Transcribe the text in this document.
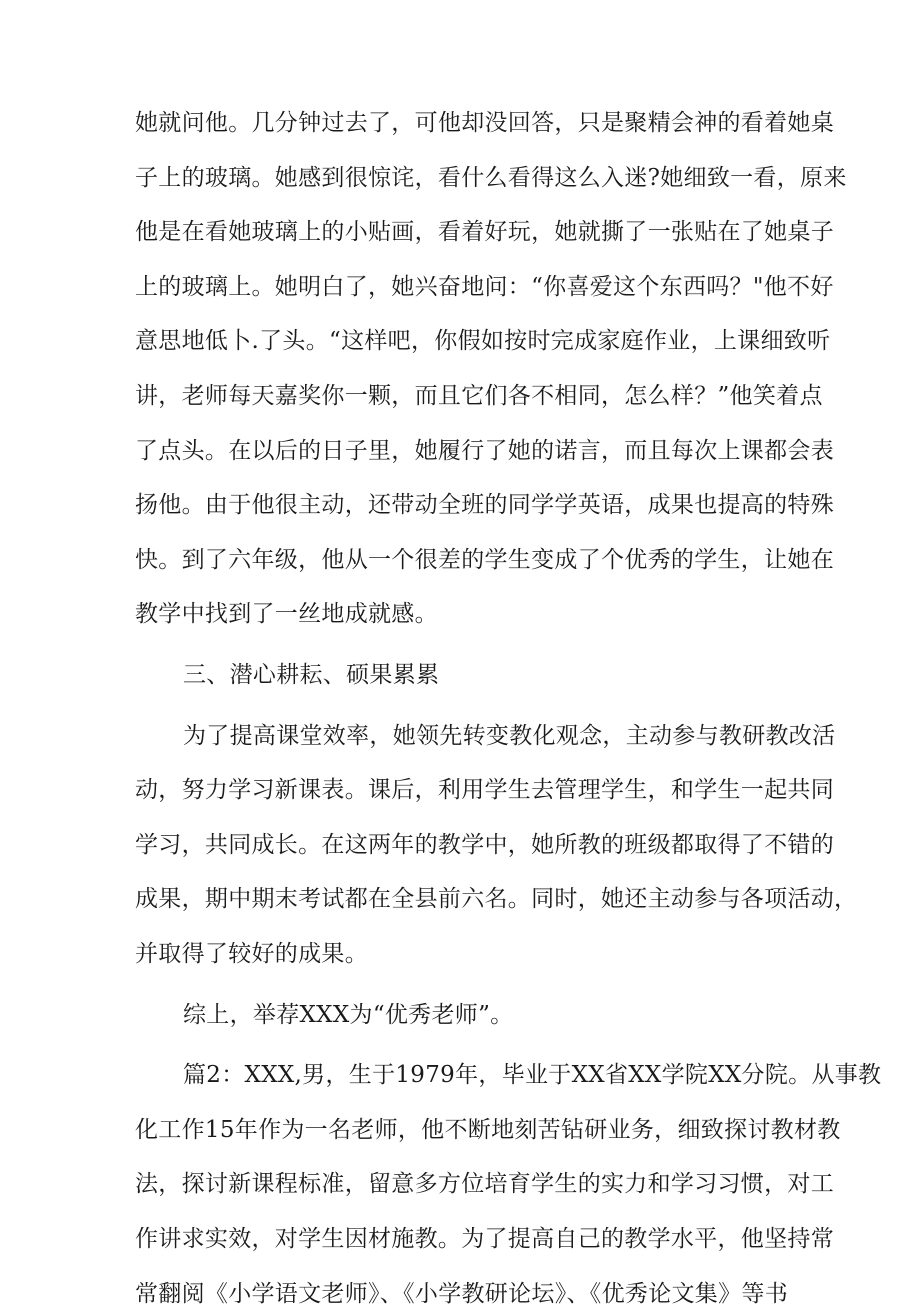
她就问他。几分钟过去了，可他却没回答，只是聚精会神的看着她桌
子上的玻璃。她感到很惊诧，看什么看得这么入迷?她细致一看，原来
他是在看她玻璃上的小贴画，看着好玩，她就撕了一张贴在了她桌子
上的玻璃上。她明白了，她兴奋地问：“你喜爱这个东西吗？"他不好
意思地低卜.了头。“这样吧，你假如按时完成家庭作业，上课细致听
讲，老师每天嘉奖你一颗，而且它们各不相同，怎么样？”他笑着点
了点头。在以后的日子里，她履行了她的诺言，而且每次上课都会表
扬他。由于他很主动，还带动全班的同学学英语，成果也提高的特殊
快。到了六年级，他从一个很差的学生变成了个优秀的学生，让她在
教学中找到了一丝地成就感。
三、潜心耕耘、硕果累累
为了提高课堂效率，她领先转变教化观念，主动参与教研教改活
动，努力学习新课表。课后，利用学生去管理学生，和学生一起共同
学习，共同成长。在这两年的教学中，她所教的班级都取得了不错的
成果，期中期末考试都在全县前六名。同时，她还主动参与各项活动，
并取得了较好的成果。
综上，举荐XXX为“优秀老师”。
篇2：XXX,男，生于1979年，毕业于XX省XX学院XX分院。从事教
化工作15年作为一名老师，他不断地刻苦钻研业务，细致探讨教材教
法，探讨新课程标准，留意多方位培育学生的实力和学习习惯，对工
作讲求实效，对学生因材施教。为了提高自己的教学水平，他坚持常
常翻阅《小学语文老师》、《小学教研论坛》、《优秀论文集》等书
